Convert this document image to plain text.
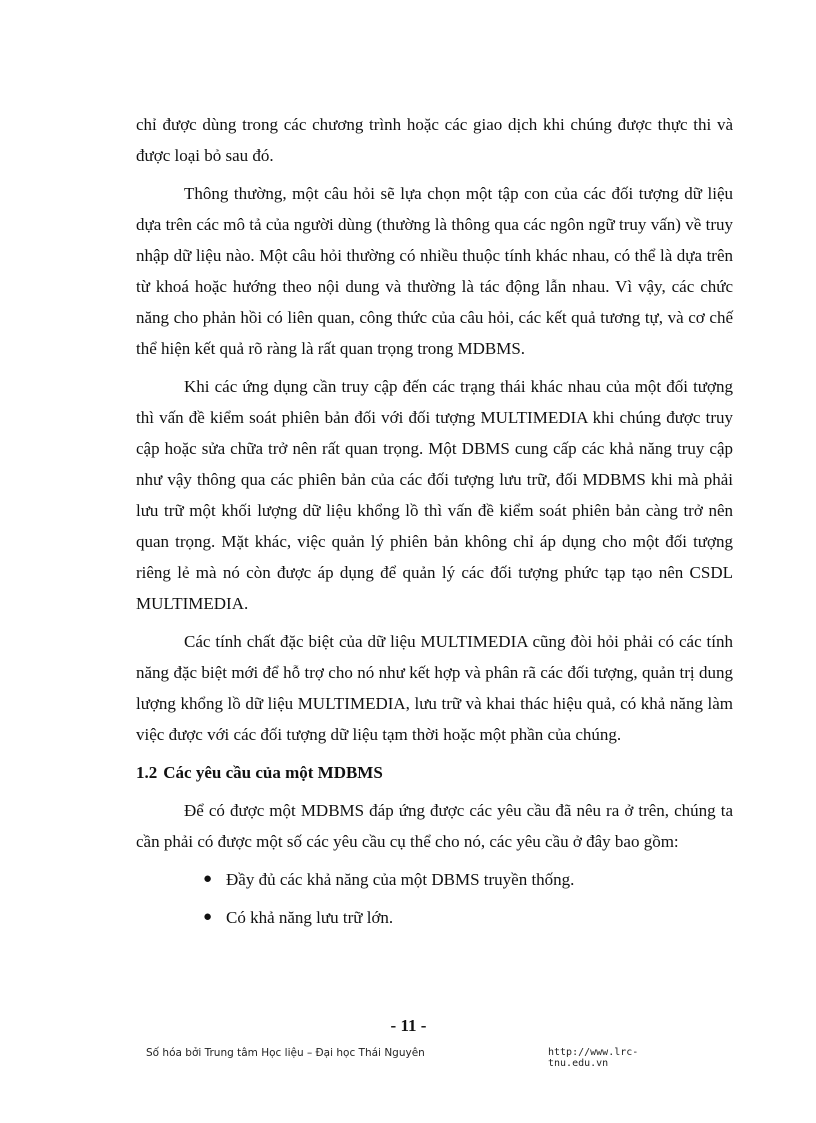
chỉ được dùng trong các chương trình hoặc các giao dịch khi chúng được thực thi và được loại bỏ sau đó.

Thông thường, một câu hỏi sẽ lựa chọn một tập con của các đối tượng dữ liệu dựa trên các mô tả của người dùng (thường là thông qua các ngôn ngữ truy vấn) về truy nhập dữ liệu nào. Một câu hỏi thường có nhiều thuộc tính khác nhau, có thể là dựa trên từ khoá hoặc hướng theo nội dung và thường là tác động lẫn nhau. Vì vậy, các chức năng cho phản hồi có liên quan, công thức của câu hỏi, các kết quả tương tự, và cơ chế thể hiện kết quả rõ ràng là rất quan trọng trong MDBMS.

Khi các ứng dụng cần truy cập đến các trạng thái khác nhau của một đối tượng thì vấn đề kiểm soát phiên bản đối với đối tượng MULTIMEDIA khi chúng được truy cập hoặc sửa chữa trở nên rất quan trọng. Một DBMS cung cấp các khả năng truy cập như vậy thông qua các phiên bản của các đối tượng lưu trữ, đối MDBMS khi mà phải lưu trữ một khối lượng dữ liệu khổng lồ thì vấn đề kiểm soát phiên bản càng trở nên quan trọng. Mặt khác, việc quản lý phiên bản không chỉ áp dụng cho một đối tượng riêng lẻ mà nó còn được áp dụng để quản lý các đối tượng phức tạp tạo nên CSDL MULTIMEDIA.

Các tính chất đặc biệt của dữ liệu MULTIMEDIA cũng đòi hỏi phải có các tính năng đặc biệt mới để hỗ trợ cho nó như kết hợp và phân rã các đối tượng, quản trị dung lượng khổng lồ dữ liệu MULTIMEDIA, lưu trữ và khai thác hiệu quả, có khả năng làm việc được với các đối tượng dữ liệu tạm thời hoặc một phần của chúng.

1.2 Các yêu cầu của một MDBMS

Để có được một MDBMS đáp ứng được các yêu cầu đã nêu ra ở trên, chúng ta cần phải có được một số các yêu cầu cụ thể cho nó, các yêu cầu ở đây bao gồm:

● Đầy đủ các khả năng của một DBMS truyền thống.
● Có khả năng lưu trữ lớn.
- 11 -
Số hóa bởi Trung tâm Học liệu – Đại học Thái Nguyên	http://www.lrc-tnu.edu.vn
